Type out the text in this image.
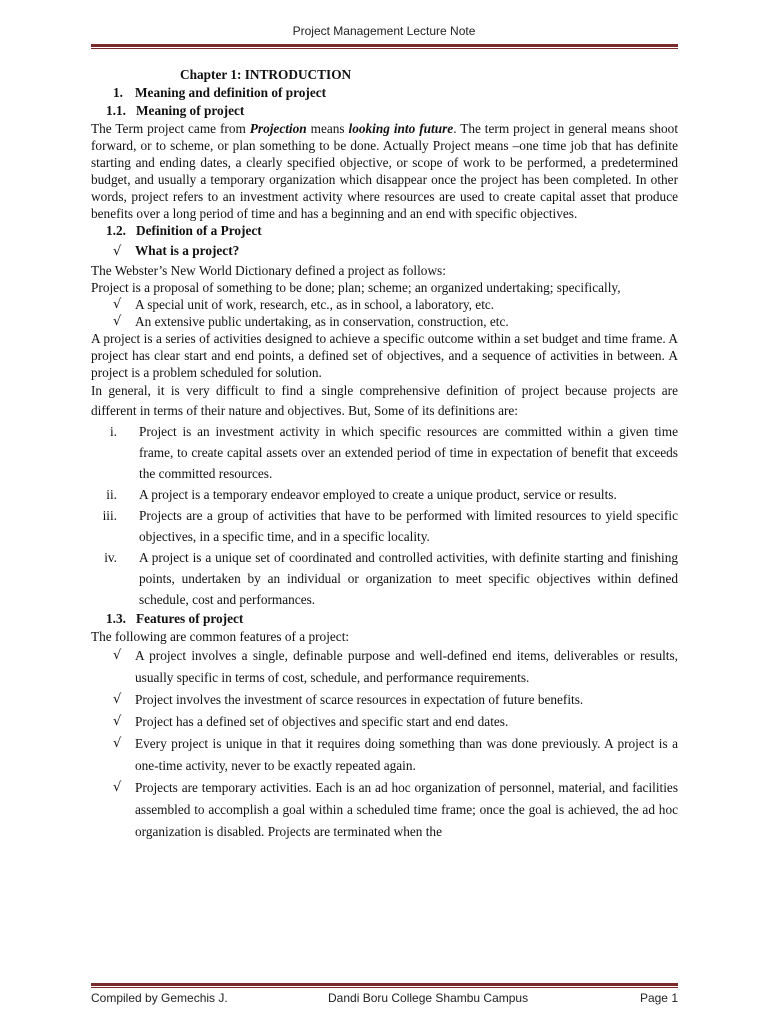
Project Management Lecture Note
Chapter 1: INTRODUCTION
1. Meaning and definition of project
1.1. Meaning of project

The Term project came from Projection means looking into future. The term project in general means shoot forward, or to scheme, or plan something to be done. Actually Project means –one time job that has definite starting and ending dates, a clearly specified objective, or scope of work to be performed, a predetermined budget, and usually a temporary organization which disappear once the project has been completed. In other words, project refers to an investment activity where resources are used to create capital asset that produce benefits over a long period of time and has a beginning and an end with specific objectives.

1.2. Definition of a Project
√ What is a project?

The Webster’s New World Dictionary defined a project as follows:

Project is a proposal of something to be done; plan; scheme; an organized undertaking; specifically,

√	A special unit of work, research, etc., as in school, a laboratory, etc.
√	An extensive public undertaking, as in conservation, construction, etc.

A project is a series of activities designed to achieve a specific outcome within a set budget and time frame. A project has clear start and end points, a defined set of objectives, and a sequence of activities in between. A project is a problem scheduled for solution.

In general, it is very difficult to find a single comprehensive definition of project because projects are different in terms of their nature and objectives. But, Some of its definitions are:

i. Project is an investment activity in which specific resources are committed within a given time frame, to create capital assets over an extended period of time in expectation of benefit that exceeds the committed resources.
ii. A project is a temporary endeavor employed to create a unique product, service or results.
iii. Projects are a group of activities that have to be performed with limited resources to yield specific objectives, in a specific time, and in a specific locality.
iv. A project is a unique set of coordinated and controlled activities, with definite starting and finishing points, undertaken by an individual or organization to meet specific objectives within defined schedule, cost and performances.
1.3. Features of project

The following are common features of a project:

√	A project involves a single, definable purpose and well-defined end items, deliverables or results, usually specific in terms of cost, schedule, and performance requirements.
√	Project involves the investment of scarce resources in expectation of future benefits.
√	Project has a defined set of objectives and specific start and end dates.
√	Every project is unique in that it requires doing something than was done previously. A project is a one-time activity, never to be exactly repeated again.
√	Projects are temporary activities. Each is an ad hoc organization of personnel, material, and facilities assembled to accomplish a goal within a scheduled time frame; once the goal is achieved, the ad hoc organization is disabled. Projects are terminated when the
Compiled by Gemechis J.	Dandi Boru College Shambu Campus	Page 1
